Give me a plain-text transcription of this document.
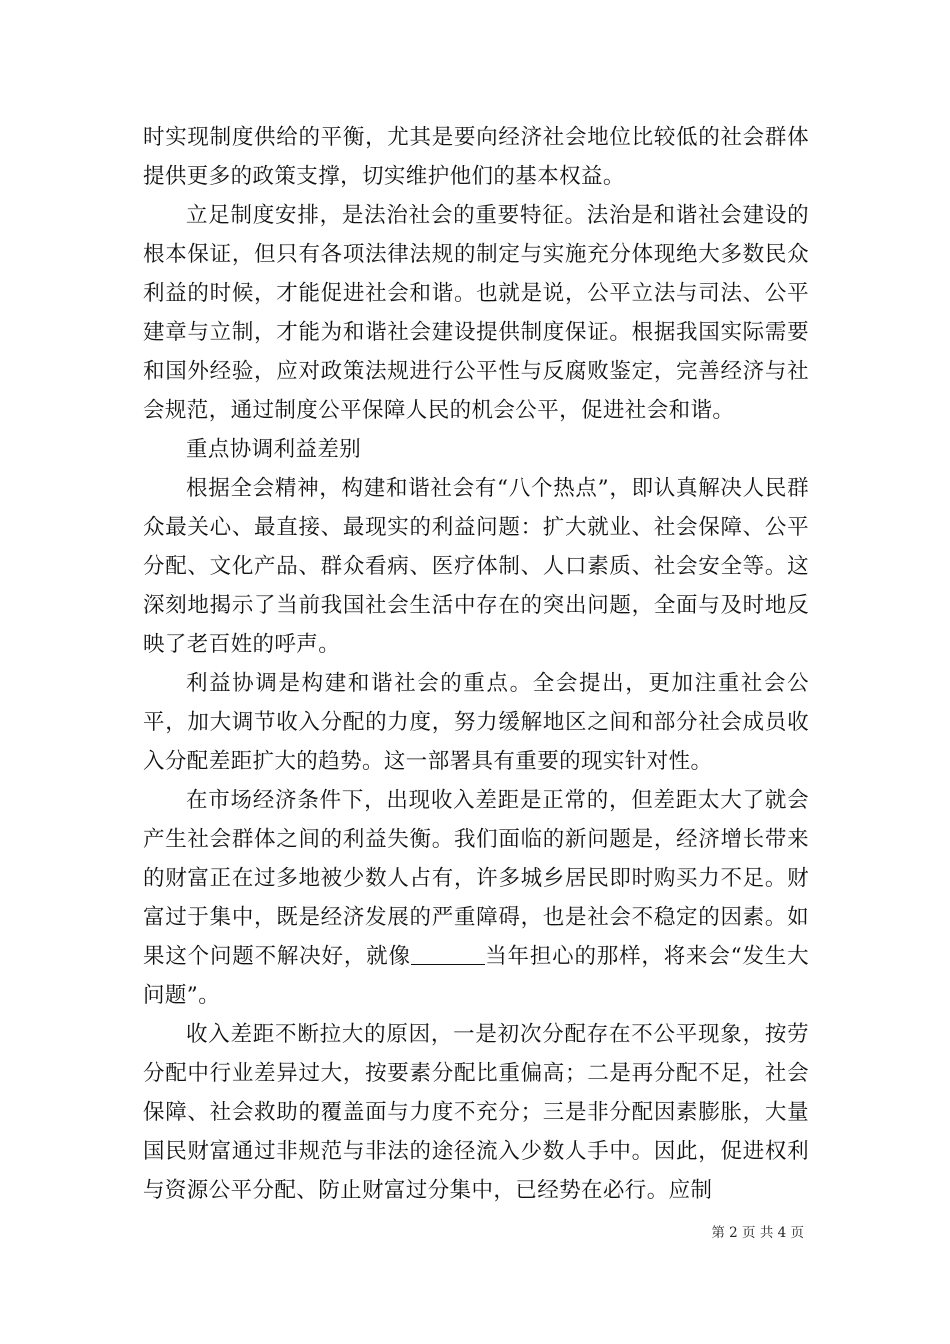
时实现制度供给的平衡，尤其是要向经济社会地位比较低的社会群体提供更多的政策支撑，切实维护他们的基本权益。

立足制度安排，是法治社会的重要特征。法治是和谐社会建设的根本保证，但只有各项法律法规的制定与实施充分体现绝大多数民众利益的时候，才能促进社会和谐。也就是说，公平立法与司法、公平建章与立制，才能为和谐社会建设提供制度保证。根据我国实际需要和国外经验，应对政策法规进行公平性与反腐败鉴定，完善经济与社会规范，通过制度公平保障人民的机会公平，促进社会和谐。

重点协调利益差别

根据全会精神，构建和谐社会有“八个热点”，即认真解决人民群众最关心、最直接、最现实的利益问题：扩大就业、社会保障、公平分配、文化产品、群众看病、医疗体制、人口素质、社会安全等。这深刻地揭示了当前我国社会生活中存在的突出问题，全面与及时地反映了老百姓的呼声。

利益协调是构建和谐社会的重点。全会提出，更加注重社会公平，加大调节收入分配的力度，努力缓解地区之间和部分社会成员收入分配差距扩大的趋势。这一部署具有重要的现实针对性。

在市场经济条件下，出现收入差距是正常的，但差距太大了就会产生社会群体之间的利益失衡。我们面临的新问题是，经济增长带来的财富正在过多地被少数人占有，许多城乡居民即时购买力不足。财富过于集中，既是经济发展的严重障碍，也是社会不稳定的因素。如果这个问题不解决好，就像	当年担心的那样，将来会“发生大问题”。

收入差距不断拉大的原因，一是初次分配存在不公平现象，按劳分配中行业差异过大，按要素分配比重偏高；二是再分配不足，社会保障、社会救助的覆盖面与力度不充分；三是非分配因素膨胀，大量国民财富通过非规范与非法的途径流入少数人手中。因此，促进权利与资源公平分配、防止财富过分集中，已经势在必行。应制

第 2 页 共 4 页
